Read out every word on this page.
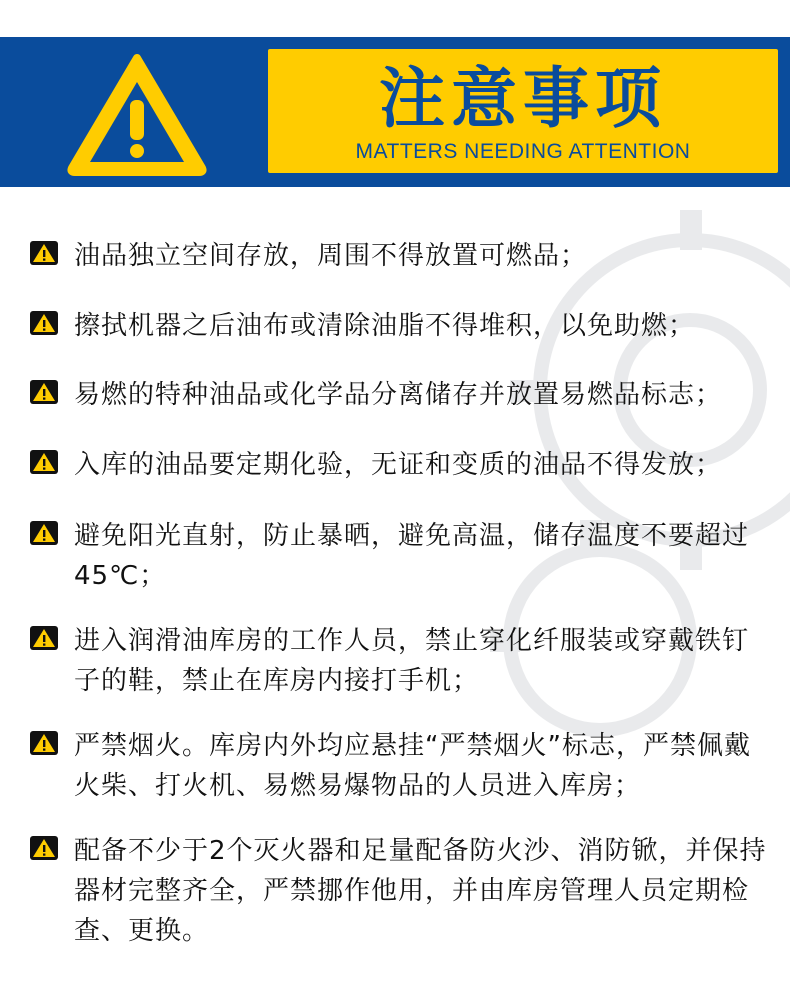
注意事项
MATTERS NEEDING ATTENTION
油品独立空间存放，周围不得放置可燃品；
擦拭机器之后油布或清除油脂不得堆积，以免助燃；
易燃的特种油品或化学品分离储存并放置易燃品标志；
入库的油品要定期化验，无证和变质的油品不得发放；
避免阳光直射，防止暴晒，避免高温，储存温度不要超过45℃；
进入润滑油库房的工作人员，禁止穿化纤服装或穿戴铁钉子的鞋，禁止在库房内接打手机；
严禁烟火。库房内外均应悬挂“严禁烟火”标志，严禁佩戴火柴、打火机、易燃易爆物品的人员进入库房；
配备不少于2个灭火器和足量配备防火沙、消防锨，并保持器材完整齐全，严禁挪作他用，并由库房管理人员定期检查、更换。
